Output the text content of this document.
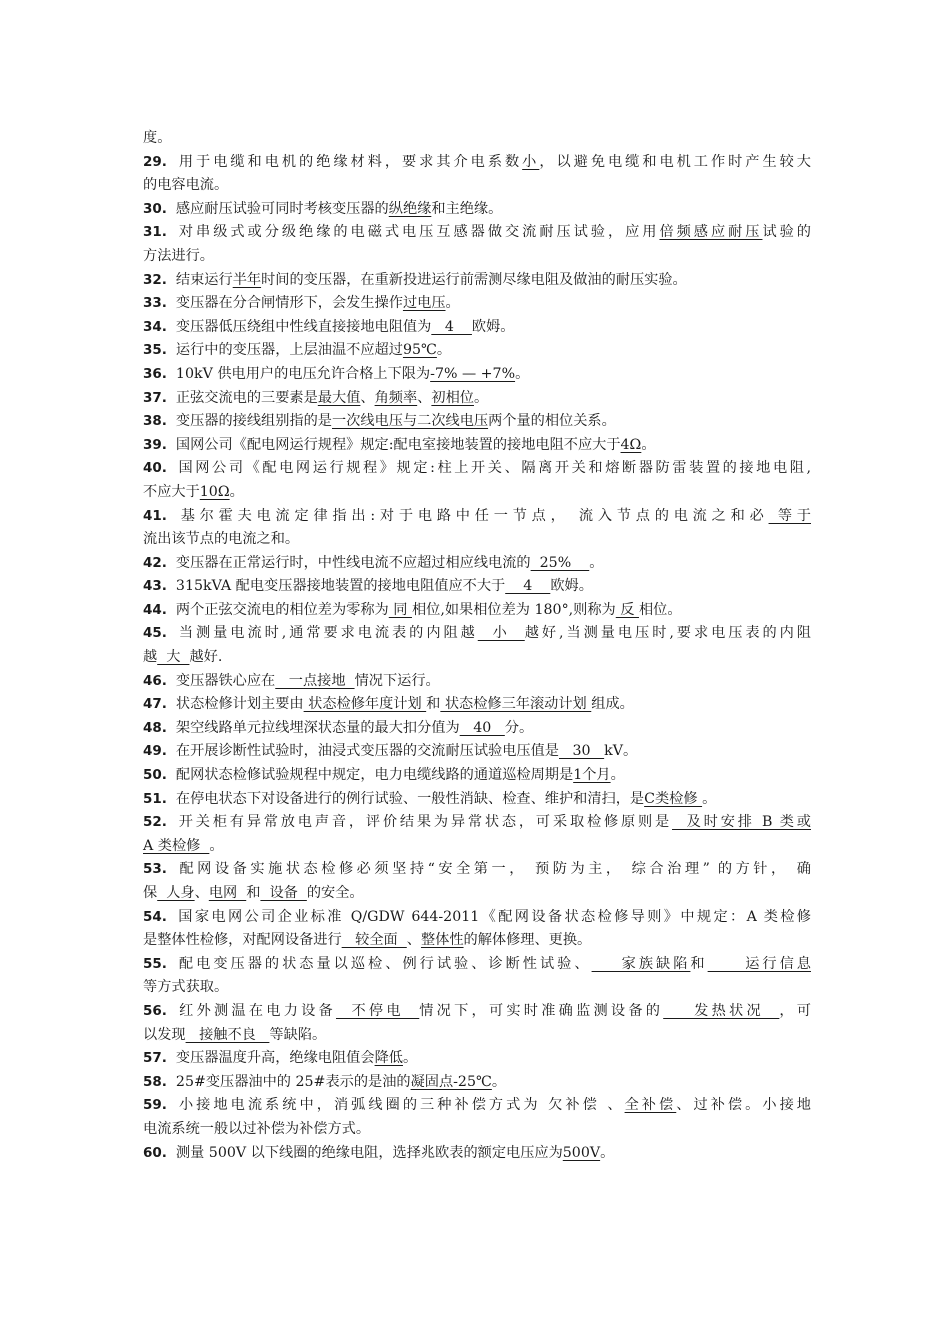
度。
29. 用于电缆和电机的绝缘材料，要求其介电系数小，以避免电缆和电机工作时产生较大
的电容电流。
30. 感应耐压试验可同时考核变压器的纵绝缘和主绝缘。
31. 对串级式或分级绝缘的电磁式电压互感器做交流耐压试验，应用倍频感应耐压试验的
方法进行。
32. 结束运行半年时间的变压器，在重新投进运行前需测尽缘电阻及做油的耐压实验。
33. 变压器在分合闸情形下，会发生操作过电压。
34. 变压器低压绕组中性线直接接地电阻值为   4    欧姆。
35. 运行中的变压器，上层油温不应超过95℃。
36. 10kV 供电用户的电压允许合格上下限为-7% — +7%。
37. 正弦交流电的三要素是最大值、角频率、初相位。
38. 变压器的接线组别指的是一次线电压与二次线电压两个量的相位关系。
39. 国网公司《配电网运行规程》规定:配电室接地装置的接地电阻不应大于4Ω。
40. 国网公司《配电网运行规程》规定:柱上开关、隔离开关和熔断器防雷装置的接地电阻,
不应大于10Ω。
41. 基尔霍夫电流定律指出:对于电路中任一节点， 流入节点的电流之和必 等于
流出该节点的电流之和。
42. 变压器在正常运行时，中性线电流不应超过相应线电流的  25%    。
43. 315kVA 配电变压器接地装置的接地电阻值应不大于    4    欧姆。
44. 两个正弦交流电的相位差为零称为 同 相位,如果相位差为 180°,则称为 反 相位。
45. 当测量电流时,通常要求电流表的内阻越  小  越好,当测量电压时,要求电压表的内阻
越  大  越好.
46. 变压器铁心应在   一点接地  情况下运行。
47. 状态检修计划主要由 状态检修年度计划 和 状态检修三年滚动计划 组成。
48. 架空线路单元拉线埋深状态量的最大扣分值为   40   分。
49. 在开展诊断性试验时，油浸式变压器的交流耐压试验电压值是   30   kV。
50. 配网状态检修试验规程中规定，电力电缆线路的通道巡检周期是1个月。
51. 在停电状态下对设备进行的例行试验、一般性消缺、检查、维护和清扫，是C类检修 。
52. 开关柜有异常放电声音，评价结果为异常状态，可采取检修原则是  及时安排 B 类或
A 类检修  。
53. 配网设备实施状态检修必须坚持“安全第一， 预防为主， 综合治理” 的方针， 确
保  人身、电网  和  设备  的安全。
54. 国家电网公司企业标准 Q/GDW 644-2011《配网设备状态检修导则》中规定：A 类检修
是整体性检修，对配网设备进行   较全面  、整体性的解体修理、更换。
55. 配电变压器的状态量以巡检、例行试验、诊断性试验、    家族缺陷和     运行信息
等方式获取。
56. 红外测温在电力设备  不停电  情况下，可实时准确监测设备的    发热状况  ，可
以发现   接触不良   等缺陷。
57. 变压器温度升高，绝缘电阻值会降低。
58. 25#变压器油中的 25#表示的是油的凝固点-25℃。
59. 小接地电流系统中，消弧线圈的三种补偿方式为 欠补偿 、全补偿、过补偿。小接地
电流系统一般以过补偿为补偿方式。
60. 测量 500V 以下线圈的绝缘电阻，选择兆欧表的额定电压应为500V。
